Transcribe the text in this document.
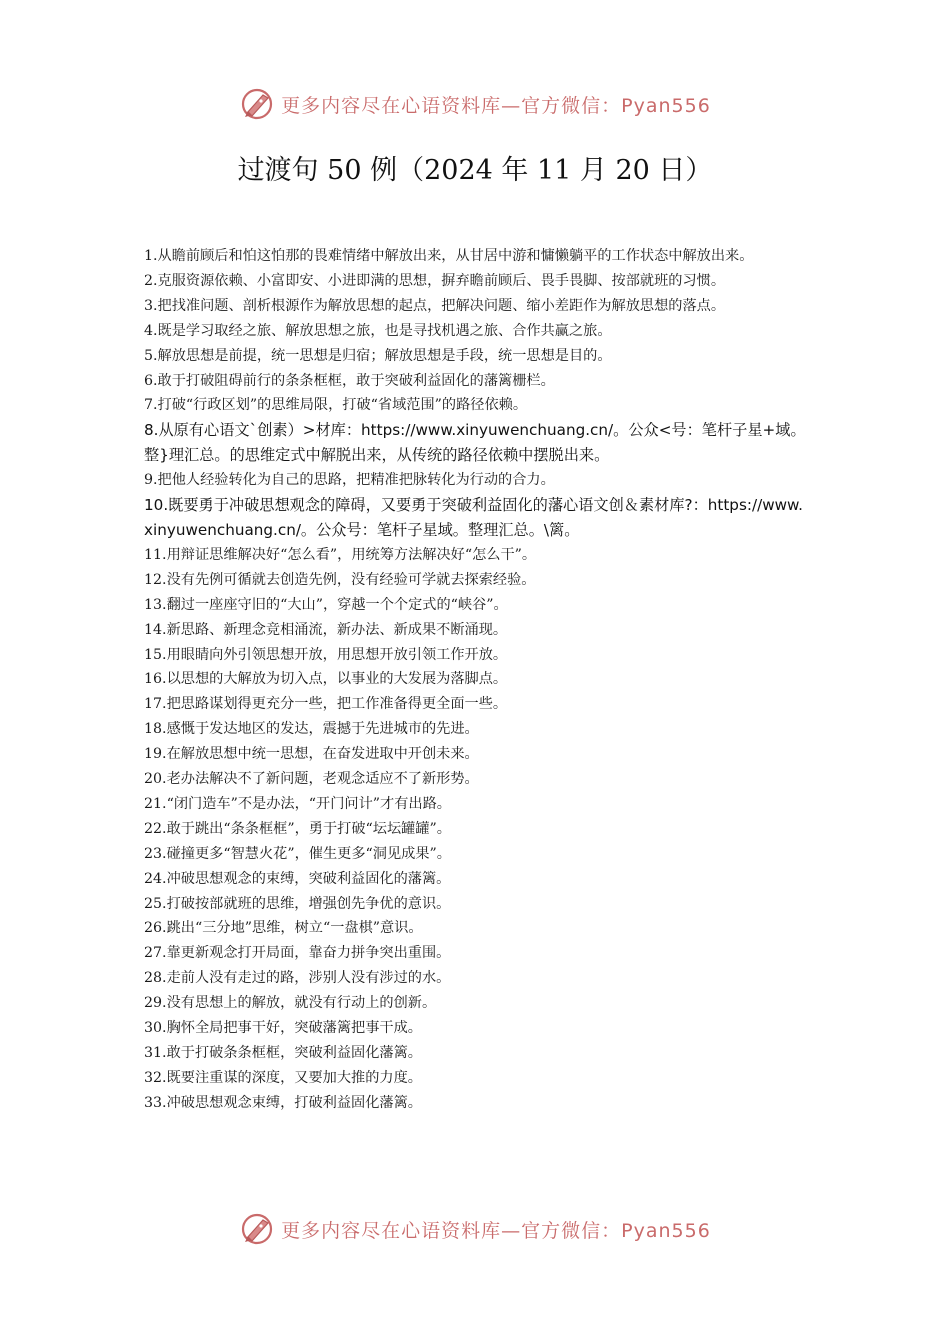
更多内容尽在心语资料库—官方微信：Pyan556
过渡句 50 例（2024 年 11 月 20 日）

1.从瞻前顾后和怕这怕那的畏难情绪中解放出来，从甘居中游和慵懒躺平的工作状态中解放出来。

2.克服资源依赖、小富即安、小进即满的思想，摒弃瞻前顾后、畏手畏脚、按部就班的习惯。

3.把找准问题、剖析根源作为解放思想的起点，把解决问题、缩小差距作为解放思想的落点。

4.既是学习取经之旅、解放思想之旅，也是寻找机遇之旅、合作共赢之旅。

5.解放思想是前提，统一思想是归宿；解放思想是手段，统一思想是目的。

6.敢于打破阻碍前行的条条框框，敢于突破利益固化的藩篱栅栏。

7.打破“行政区划”的思维局限，打破“省域范围”的路径依赖。

8.从原有心语文`创素）>材库：https://www.xinyuwenchuang.cn/。公众<号：笔杆子星+域。整}理汇总。的思维定式中解脱出来，从传统的路径依赖中摆脱出来。

9.把他人经验转化为自己的思路，把精准把脉转化为行动的合力。

10.既要勇于冲破思想观念的障碍，又要勇于突破利益固化的藩心语文创＆素材库?：https://www.xinyuwenchuang.cn/。公众号：笔杆子星域。整理汇总。\篱。

11.用辩证思维解决好“怎么看”，用统筹方法解决好“怎么干”。

12.没有先例可循就去创造先例，没有经验可学就去探索经验。

13.翻过一座座守旧的“大山”，穿越一个个定式的“峡谷”。

14.新思路、新理念竞相涌流，新办法、新成果不断涌现。

15.用眼睛向外引领思想开放，用思想开放引领工作开放。

16.以思想的大解放为切入点，以事业的大发展为落脚点。

17.把思路谋划得更充分一些，把工作准备得更全面一些。

18.感慨于发达地区的发达，震撼于先进城市的先进。

19.在解放思想中统一思想，在奋发进取中开创未来。

20.老办法解决不了新问题，老观念适应不了新形势。

21.“闭门造车”不是办法，“开门问计”才有出路。

22.敢于跳出“条条框框”，勇于打破“坛坛罐罐”。

23.碰撞更多“智慧火花”，催生更多“洞见成果”。

24.冲破思想观念的束缚，突破利益固化的藩篱。

25.打破按部就班的思维，增强创先争优的意识。

26.跳出“三分地”思维，树立“一盘棋”意识。

27.靠更新观念打开局面，靠奋力拼争突出重围。

28.走前人没有走过的路，涉别人没有涉过的水。

29.没有思想上的解放，就没有行动上的创新。

30.胸怀全局把事干好，突破藩篱把事干成。

31.敢于打破条条框框，突破利益固化藩篱。

32.既要注重谋的深度，又要加大推的力度。

33.冲破思想观念束缚，打破利益固化藩篱。

更多内容尽在心语资料库—官方微信：Pyan556
